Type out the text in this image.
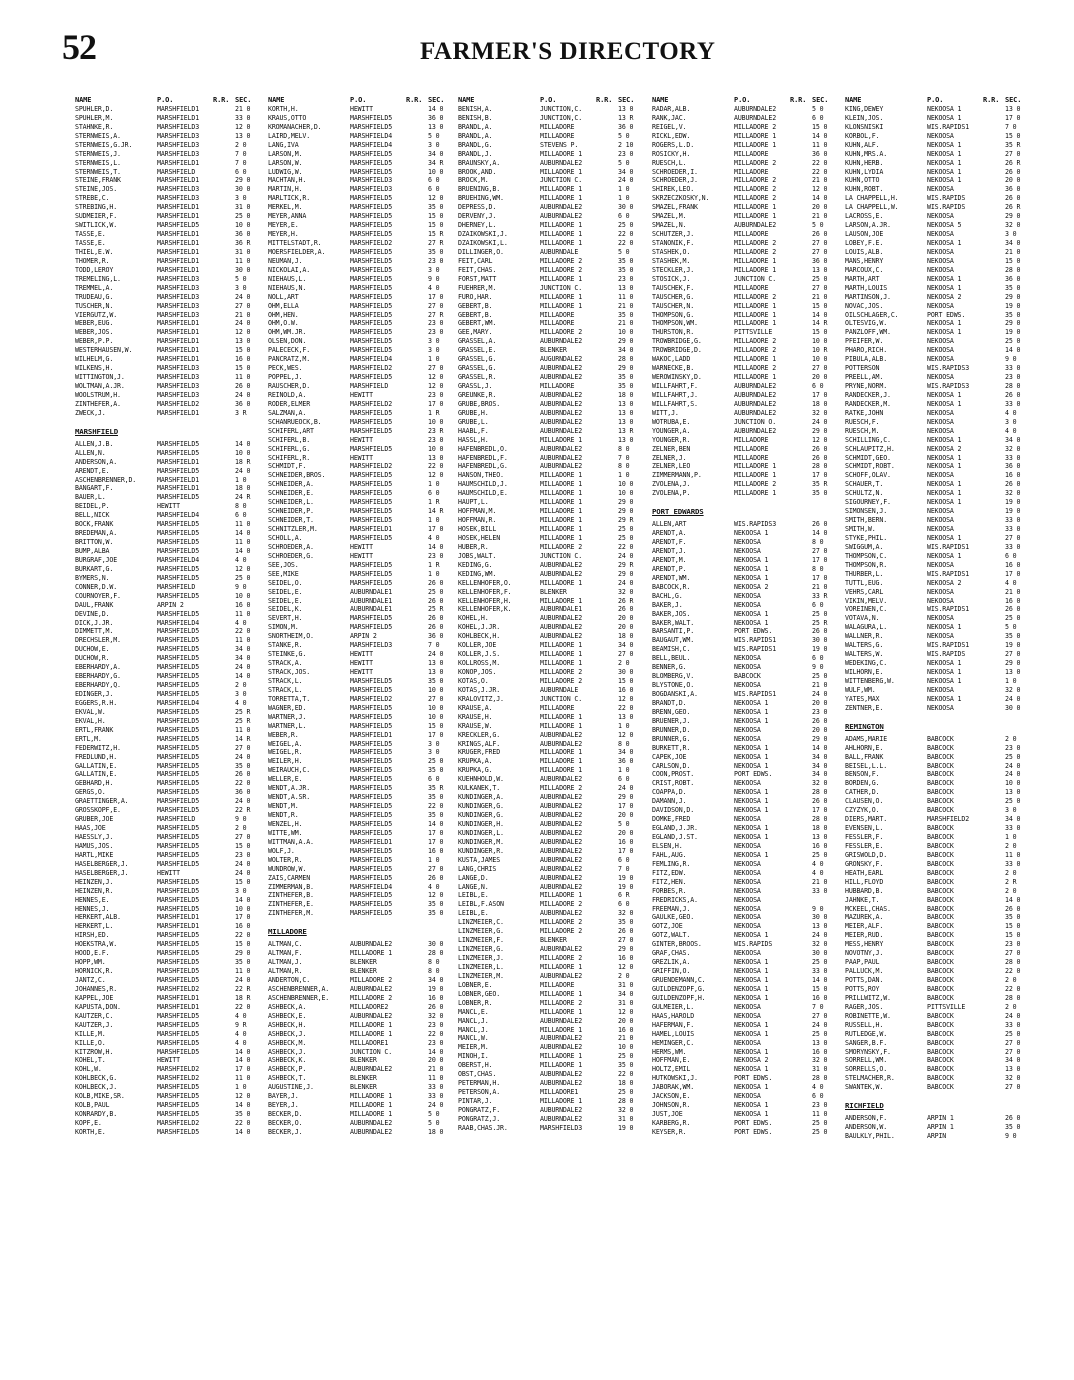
52	FARMER'S DIRECTORY
NAME	P.O.	R.R. SEC.
SPUHLER,D.	MARSHFIELD1	21 0
SPUHLER,M.	MARSHFIELD1	33 0
STAHNKE,R.	MARSHFIELD3	12 0
STERNWEIS,A.	MARSHFIELD3	13 0
STERNWEIS,G.JR.	MARSHFIELD3	2 0
STERNWEIS,J.	MARSHFIELD3	7 0
STERNWEIS,L.	MARSHFIELD1	7 0
STERNWEIS,T.	MARSHFIELD	6 0
STEINE,FRANK	MARSHFIELD1	29 0
STEINE,JOS.	MARSHFIELD3	30 0
STREBE,C.	MARSHFIELD3	3 0
STREBING,H.	MARSHFIELD1	31 0
SUDMEIER,F.	MARSHFIELD1	25 0
SWITLICK,W.	MARSHFIELD5	10 0
TASSE,E.	MARSHFIELD1	36 0
TASSE,E.	MARSHFIELD1	36 R
THIEL,E.W.	MARSHFIELD1	31 0
THOMER,R.	MARSHFIELD1	11 0
TODD,LEROY	MARSHFIELD1	30 0
TREMELING,L.	MARSHFIELD3	5 0
TREMMEL,A.	MARSHFIELD3	3 0
TRUDEAU,G.	MARSHFIELD3	24 0
TUSCHER,N.	MARSHFIELD3	27 0
VIERGUTZ,W.	MARSHFIELD3	21 0
WEBER,EUG.	MARSHFIELD1	24 0
WEBER,JOS.	MARSHFIELD1	12 0
WEBER,P.P.	MARSHFIELD1	13 0
WESTERHAUSEN,W.	MARSHFIELD1	15 0
WILHELM,G.	MARSHFIELD1	16 0
WILKENS,H.	MARSHFIELD3	15 0
WITTINGTON,J.	MARSHFIELD3	11 0
WOLTMAN,A.JR.	MARSHFIELD3	26 0
WOOLSTRUM,H.	MARSHFIELD3	24 0
ZINTHEFER,A.	MARSHFIELD2	36 0
ZWECK,J.	MARSHFIELD1	3 R
MARSHFIELD
ALLEN,J.B.	MARSHFIELD5	14 0
ALLEN,N.	MARSHFIELD5	10 0
ANDERSON,A.	MARSHFIELD1	18 R
ARENDT,E.	MARSHFIELD5	24 0
ASCHENBRENNER,D.	MARSHFIELD1	1 0
BANGART,F.	MARSHFIELD1	18 0
BAUER,L.	MARSHFIELD5	24 R
BEIDEL,P.	HEWITT	8 0
BELL,NICK	MARSHFIELD4	6 0
BOCK,FRANK	MARSHFIELD5	11 0
BREDEMAN,A.	MARSHFIELD5	14 0
BRITTON,W.	MARSHFIELD5	11 0
BUMP,ALBA	MARSHFIELD5	14 0
BURGRAF,JOE	MARSHFIELD4	4 0
BURKART,G.	MARSHFIELD5	12 0
BYMERS,N.	MARSHFIELD5	25 0
CONNER,D.W.	MARSHFIELD	9 0
COURNOYER,F.	MARSHFIELD5	10 0
DAUL,FRANK	ARPIN 2	16 0
DEVINE,D.	MARSHFIELD5	11 0
DICK,J.JR.	MARSHFIELD4	4 0
DIMMETT,M.	MARSHFIELD5	22 0
DRECHSLER,M.	MARSHFIELD5	11 0
DUCHOW,E.	MARSHFIELD5	34 0
DUCHOW,R.	MARSHFIELD5	34 0
EBERHARDY,A.	MARSHFIELD5	24 0
EBERHARDY,G.	MARSHFIELD5	14 0
EBERHARDY,Q.	MARSHFIELD5	2 0
EDINGER,J.	MARSHFIELD5	3 0
EGGERS,R.H.	MARSHFIELD4	4 0
EKVAL,W.	MARSHFIELD5	25 R
EKVAL,H.	MARSHFIELD5	25 R
ERTL,FRANK	MARSHFIELD5	11 0
ERTL,M.	MARSHFIELD5	14 R
FEDERWITZ,H.	MARSHFIELD5	27 0
FREDLUND,H.	MARSHFIELD5	24 0
GALLATIN,E.	MARSHFIELD5	35 0
GALLATIN,E.	MARSHFIELD5	26 0
GEBHARD,H.	MARSHFIELD5	22 0
GERGS,O.	MARSHFIELD5	36 0
GRAETTINGER,A.	MARSHFIELD5	24 0
GROSSKOPF,E.	MARSHFIELD5	22 R
GRUBER,JOE	MARSHFIELD	9 0
HAAS,JOE	MARSHFIELD5	2 0
HAESSLY,J.	MARSHFIELD5	27 0
HAMUS,JOS.	MARSHFIELD5	15 0
HARTL,MIKE	MARSHFIELD5	23 0
HASELBERGER,J.	MARSHFIELD5	24 0
HASELBERGER,J.	HEWITT	24 0
HEINZEN,J.	MARSHFIELD5	15 0
HEINZEN,R.	MARSHFIELD5	3 0
HENNES,E.	MARSHFIELD5	14 0
HENNES,J.	MARSHFIELD5	10 0
HERKERT,ALB.	MARSHFIELD1	17 0
HERKERT,L.	MARSHFIELD1	16 0
HIRSH,ED.	MARSHFIELD5	22 0
HOEKSTRA,W.	MARSHFIELD5	15 0
HOOD,E.F.	MARSHFIELD5	29 0
HOPP,WM.	MARSHFIELD5	35 0
HORNICK,R.	MARSHFIELD5	11 0
JANTZ,C.	MARSHFIELD5	24 0
JOHANNES,R.	MARSHFIELD2	22 R
KAPPEL,JOE	MARSHFIELD1	18 R
KAPUSTA,DON.	MARSHFIELD1	22 0
KAUTZER,C.	MARSHFIELD5	4 0
KAUTZER,J.	MARSHFIELD5	9 R
KILLE,M.	MARSHFIELD5	4 0
KILLE,O.	MARSHFIELD5	4 0
KITZROW,H.	MARSHFIELD5	14 0
KOHEL,T.	HEWITT	14 0
KOHL,W.	MARSHFIELD2	17 0
KOHLBECK,G.	MARSHFIELD2	11 0
KOHLBECK,J.	MARSHFIELD5	1 0
KOLB,MIKE,SR.	MARSHFIELD5	12 0
KOLB,PAUL	MARSHFIELD5	14 0
KONRARDY,B.	MARSHFIELD5	35 0
KOPF,E.	MARSHFIELD2	22 0
KORTH,E.	MARSHFIELD5	14 0
NAME	P.O.	R.R. SEC.
KORTH,H.	HEWITT	14 0
KRAUS,OTTO	MARSHFIELD5	36 0
KROMANACHER,D.	MARSHFIELD5	13 0
LAIRD,MELV.	MARSHFIELD4	5 0
LANG,IVA	MARSHFIELD4	3 0
LARSON,M.	MARSHFIELD5	34 0
LARSON,W.	MARSHFIELD5	34 R
LUDWIG,W.	MARSHFIELD5	10 0
MACHTAN,H.	MARSHFIELD3	6 0
MARTIN,H.	MARSHFIELD3	6 0
MARLTICK,R.	MARSHFIELD5	12 0
MERKEL,M.	MARSHFIELD5	35 0
MEYER,ANNA	MARSHFIELD5	15 0
MEYER,E.	MARSHFIELD5	15 0
MEYER,H.	MARSHFIELD5	15 R
MITTELSTADT,R.	MARSHFIELD2	27 R
MOERSFIELDER,A.	MARSHFIELD5	35 0
NEUMAN,J.	MARSHFIELD5	23 0
NICKOLAI,A.	MARSHFIELD5	3 0
NIEHAUS,L.	MARSHFIELD5	9 0
NIEHAUS,N.	MARSHFIELD5	4 0
NOLL,ART	MARSHFIELD5	17 0
OHM,ELLA	MARSHFIELD5	27 0
OHM,HEN.	MARSHFIELD5	27 R
OHM,O.W.	MARSHFIELD5	23 0
OHM,WM.JR.	MARSHFIELD5	23 0
OLSEN,DON.	MARSHFIELD5	3 0
PALECECK,F.	MARSHFIELD5	3 0
PANCRATZ,M.	MARSHFIELD4	1 0
PECK,WES.	MARSHFIELD2	27 0
POPPEL,J.	MARSHFIELD5	12 0
RAUSCHER,D.	MARSHFIELD	12 0
REINOLD,A.	HEWITT	23 0
RODER,ELMER	MARSHFIELD2	17 0
SALZMAN,A.	MARSHFIELD5	1 R
SCHANRUEOCK,B.	MARSHFIELD5	10 0
SCHIFERL,ART	MARSHFIELD5	23 R
SCHIFERL,B.	HEWITT	23 0
SCHIFERL,G.	MARSHFIELD5	10 0
SCHIFERL,R.	HEWITT	13 0
SCHMIDT,F.	MARSHFIELD2	22 0
SCHNEIDER,BROS.	MARSHFIELD5	12 0
SCHNEIDER,A.	MARSHFIELD5	1 0
SCHNEIDER,E.	MARSHFIELD5	6 0
SCHNEIDER,L.	MARSHFIELD5	1 R
SCHNEIDER,P.	MARSHFIELD5	14 R
SCHNEIDER,T.	MARSHFIELD5	1 0
SCHNITZLER,M.	MARSHFIELD1	17 0
SCHOLL,A.	MARSHFIELD5	4 0
SCHROEDER,A.	HEWITT	14 0
SCHROEDER,G.	HEWITT	23 0
SEE,JOS.	MARSHFIELD5	1 R
SEE,MIKE	MARSHFIELD5	1 0
SEIDEL,O.	MARSHFIELD5	26 0
SEIDEL,E.	AUBURNDALE1	25 0
SEIDEL,E.	AUBURNDALE1	26 0
SEIDEL,K.	AUBURNDALE1	25 R
SEVERT,H.	MARSHFIELD5	26 0
SIMON,M.	MARSHFIELD5	26 0
SNORTHEIM,O.	ARPIN 2	36 0
STANKE,R.	MARSHFIELD3	7 0
STEINKE,G.	HEWITT	24 0
STRACK,A.	HEWITT	13 0
STRACK,JOS.	HEWITT	13 0
STRACK,L.	MARSHFIELD5	35 0
STRACK,L.	MARSHFIELD5	10 0
TORRETTA,T.	MARSHFIELD2	27 0
WAGNER,ED.	MARSHFIELD5	10 0
WARTNER,J.	MARSHFIELD5	10 0
WARTNER,L.	MARSHFIELD5	15 0
WEBER,R.	MARSHFIELD1	17 0
WEIGEL,A.	MARSHFIELD5	3 0
WEIGEL,R.	MARSHFIELD5	3 0
WEILER,H.	MARSHFIELD5	25 0
WEIRAUCH,C.	MARSHFIELD5	35 0
WELLER,E.	MARSHFIELD5	6 0
WENDT,A.JR.	MARSHFIELD5	35 R
WENDT,A.SR.	MARSHFIELD5	35 0
WENDT,M.	MARSHFIELD5	22 0
WENDT,R.	MARSHFIELD5	35 0
WENZEL,H.	MARSHFIELD5	14 0
WITTE,WM.	MARSHFIELD5	17 0
WITTMAN,A.A.	MARSHFIELD1	17 0
WOLF,J.	MARSHFIELD5	16 0
WOLTER,R.	MARSHFIELD5	1 0
WUNDROW,W.	MARSHFIELD5	27 0
ZAIS,CARMEN	MARSHFIELD5	26 0
ZIMMERMAN,B.	MARSHFIELD4	4 0
ZINTHEFER,B.	MARSHFIELD5	12 0
ZINTHEFER,E.	MARSHFIELD5	35 0
ZINTHEFER,M.	MARSHFIELD5	35 0
MILLADORE
ALTMAN,C.	AUBURNDALE2	30 0
ALTMAN,F.	MILLADORE 1	28 0
ALTMAN,J.	BLENKER	8 0
ALTMAN,R.	BLENKER	8 0
ANDERTON,C.	MILLADORE 2	34 0
ASCHENBRENNER,A.	AUBURNDALE2	19 0
ASCHENBRENNER,E.	MILLADORE 2	16 0
ASHBECK,A.	MILLADORE2	26 0
ASHBECK,E.	AUBURNDALE2	32 0
ASHBECK,H.	MILLADORE 1	23 0
ASHBECK,J.	MILLADORE 1	22 0
ASHBECK,M.	MILLADORE1	23 0
ASHBECK,J.	JUNCTION C.	14 0
ASHBECK,K.	BLENKER	20 0
ASHBECK,P.	AUBURNDALE2	21 0
ASHBECK,T.	BLENKER	11 0
AUGUSTINE,J.	BLENKER	33 0
BAYER,J.	MILLADORE 1	33 0
BEYER,J.	MILLADORE 1	24 0
BECKER,D.	MILLADORE 1	5 0
BECKER,O.	AUBURNDALE2	5 0
BECKER,J.	AUBURNDALE2	18 0
NAME	P.O.	R.R. SEC.
BENISH,A.	JUNCTION,C.	13 0
BENISH,B.	JUNCTION,C.	13 R
BRANDL,A.	MILLADORE	36 0
BRANDL,A.	MILLADORE	5 0
BRANDL,G.	STEVENS P.	2 10
BRANDL,J.	MILLADORE 1	23 0
BRAUNSKY,A.	AUBURNDALE2	5 0
BROOK,AND.	MILLADORE 1	34 0
BROCK,M.	JUNCTION C.	24 0
BRUENING,B.	MILLADORE 1	1 0
BRUEHING,WM.	MILLADORE 1	1 0
DEPRESS,D.	AUBURNDALE2	30 0
DERVENY,J.	AUBURNDALE2	6 0
DHERNEY,L.	MILLADORE 1	25 0
DZAIKOWSKI,J.	MILLADORE 1	22 0
DZAIKOWSKI,L.	MILLADORE 1	22 0
DILLINGER,O.	AUBURNDALE	5 0
FEIT,CARL	MILLADORE 2	35 0
FEIT,CHAS.	MILLADORE 2	35 0
FORST,MATT	MILLADORE 1	23 0
FUEHRER,M.	JUNCTION C.	13 0
FURO,HAR.	MILLADORE 1	11 0
GEBERT,B.	MILLADORE 1	21 0
GEBERT,B.	MILLADORE	35 0
GEBERT,WM.	MILLADORE	21 0
GEE,MARY.	MILLADORE 2	10 0
GRASSEL,A.	AUBURNDALE2	29 0
GRASSEL,E.	BLENKER	34 0
GRASSEL,G.	AUGURNDALE2	28 0
GRASSEL,G.	AUBURNDALE2	29 0
GRASSEL,R.	AUBURNDALE2	35 0
GRASSL,J.	MILLADORE	35 0
GREUNKE,R.	AUBURNDALE2	18 0
GRUBE,BROS.	AUBURNDALE2	13 0
GRUBE,H.	AUBURNDALE2	13 0
GRUBE,L.	AUBURNDALE2	13 0
HAABL,F.	AUBURNDALE2	13 R
HASSL,H.	MILLADORE 1	13 0
HAFENBREDL,O.	AUBURNDALE2	8 0
HAFENBREDL,F.	AUBURNDALE2	7 0
HAFENBREDL,G.	AUBURNDALE2	8 0
HANSON,THEO.	MILLADORE 1	1 0
HAUMSCHILD,J.	MILLADORE 1	10 0
HAUMSCHILD,E.	MILLADORE 1	10 0
HAUPT,L.	MILLADORE 1	29 0
HOFFMAN,M.	MILLADORE 1	29 0
HOFFMAN,R.	MILLADORE 1	29 R
HOSEK,BILL	MILLADORE 1	25 0
HOSEK,HELEN	MILLADORE 1	25 0
HUBER,R.	MILLADORE 2	22 0
JOBS,WALT.	JUNCTION C.	24 0
KEDING,G.	AUBURNDALE2	29 R
KEDING,WM.	AUBURNDALE2	29 0
KELLENHOFER,O.	MILLADORE 1	24 0
KELLENHOFER,F.	BLENKER	32 0
KELLENHOFER,H.	MILLADORE 1	26 R
KELLENHOFER,K.	AUBURNDALE1	26 0
KOHEL,H.	AUBURNDALE2	20 0
KOHEL,J.JR.	AUBURNDALE2	20 0
KOHLBECK,H.	AUBURNDALE2	18 0
KOLLER,JOE	MILLADORE 1	34 0
KOLLER,J.S.	MILLADORE 1	27 0
KOLLROSS,M.	MILLADORE 1	2 0
KONOP,JOS.	MILLADORE 2	30 0
KOTAS,O.	MILLADORE 2	15 0
KOTAS,J.JR.	AUBURNDALE	16 0
KRALOVITZ,J.	JUNCTION C.	12 0
KRAUSE,A.	MILLADORE	22 0
KRAUSE,H.	MILLADORE 1	13 0
KRAUSE,W.	MILLADORE 1	1 0
KRECKLER,G.	AUBURNDALE2	12 0
KRINGS,ALF.	AUBURNDALE2	8 0
KRUGER,FRED	MILLADORE 1	34 0
KRUPKA,A.	MILLADORE 1	36 0
KRUPKA,G.	MILLADORE 1	1 0
KUEHNHOLD,W.	AUBURNDALE2	6 0
KULKANEK,T.	MILLADORE 2	24 0
KUNDINGER,A.	AUBURNDALE2	29 0
KUNDINGER,G.	AUBURNDALE2	17 0
KUNDINGER,G.	AUBURNDALE2	20 0
KUNDINGER,H.	AUBURNDALE2	5 0
KUNDINGER,L.	AUBURNDALE2	20 0
KUNDINGER,M.	AUBURNDALE2	16 0
KUNDINGER,R.	AUBURNDALE2	17 0
KUSTA,JAMES	AUBURNDALE2	6 0
LANG,CHRIS	AUBURNDALE2	7 0
LANGE,D.	AUBURNDALE2	19 0
LANGE,N.	AUBURNDALE2	19 0
LEIBL,E.	MILLADORE 1	6 R
LEIBL,F.ASON	MILLADORE 2	6 0
LEIBL,E.	AUBURNDALE2	32 0
LINZMEIER,C.	MILLADORE 2	35 0
LINZMEIER,G.	MILLADORE 2	26 0
LINZMEIER,F.	BLENKER	27 0
LINZMEIER,G.	AUBURNDALE2	29 0
LINZMEIER,J.	MILLADORE 2	16 0
LINZMEIER,L.	MILLADORE 1	12 0
LINZMEIER,M.	AUBURNDALE2	2 0
LOBNER,E.	MILLADORE	31 0
LOBNER,GEO.	MILLADORE 1	34 0
LOBNER,R.	MILLADORE 2	31 0
MANCL,E.	MILLADORE 1	12 0
MANCL,J.	AUBURNDALE2	20 0
MANCL,J.	MILLADORE 1	16 0
MANCL,W.	AUBURNDALE2	21 0
MEIER,M.	AUBURNDALE2	10 0
MINOH,I.	MILLADORE 1	25 0
OBERST,H.	MILLADORE 1	35 0
OBST,CHAS.	AUBURNDALE2	22 0
PETERMAN,H.	AUBURNDALE2	18 0
PETERSON,A.	MILLADORE1	25 0
PINTAR,J.	MILLADORE 1	28 0
PONGRATZ,F.	AUBURNDALE2	32 0
PONGRATZ,J.	AUBURNDALE2	31 0
RAAB,CHAS.JR.	MARSHFIELD3	19 0
NAME	P.O.	R.R. SEC.
RADAR,ALB.	AUBURNDALE2	5 0
RANK,JAC.	AUBURNDALE2	6 0
REIGEL,V.	MILLADORE 2	15 0
RICKL,EDW.	MILLADORE 1	14 0
ROGERS,L.D.	MILLADORE 1	11 0
ROSICKY,H.	MILLADORE	36 0
RUESCH,L.	MILLADORE 2	22 0
SCHROEDER,I.	MILLADORE	22 0
SCHROEDER,J.	MILLADORE 2	21 0
SHIREK,LEO.	MILLADORE 2	12 0
SKRZECZKOSKY,N.	MILLADORE 2	14 0
SMAZEL,FRANK	MILLADORE 1	20 0
SMAZEL,M.	MILLADORE 1	21 0
SMAZEL,N.	AUBURNDALE2	5 0
SCHUTZER,J.	MILLADORE	26 0
STANONIK,F.	MILLADORE 2	27 0
STASHEK,O.	MILLADORE 2	27 0
STASHEK,M.	MILLADORE 1	36 0
STECKLER,J.	MILLADORE 1	13 0
STOSICK,J.	JUNCTION C.	25 0
TAUSCHEK,F.	MILLADORE	27 0
TAUSCHER,G.	MILLADORE 2	21 0
TAUSCHER,N.	MILLADORE 1	15 0
THOMPSON,G.	MILLADORE 1	14 0
THOMPSON,WM.	MILLADORE 1	14 R
THURSTON,R.	PITTSVILLE	15 0
TROWBRIDGE,G.	MILLADORE 2	10 0
TROWBRIDGE,D.	MILLADORE 2	10 R
WAKOC,LADD	MILLADORE 1	10 0
WARNECKE,B.	MILLADORE 2	27 0
WEROWINSKY,D.	MILLADORE 1	20 0
WILLFAHRT,F.	AUBURNDALE2	6 0
WILLFAHRT,J.	AUBURNDALE2	17 0
WILLFAHRT,S.	AUBURNDALE2	18 0
WITT,J.	AUBURNDALE2	32 0
WOTRUBA,E.	JUNCTION O.	24 0
YOUNGER,A.	AUBURNDALE2	29 0
YOUNGER,R.	MILLADORE	12 0
ZELNER,BEN	MILLADORE	26 0
ZELNER,J.	MILLADORE	26 0
ZELNER,LEO	MILLADORE 1	28 0
ZIMMERMANN,P.	MILLADORE 1	17 0
ZVOLENA,J.	MILLADORE 2	35 R
ZVOLENA,P.	MILLADORE 1	35 0
PORT EDWARDS
ALLEN,ART	WIS.RAPIDS3	26 0
ARENDT,A.	NEKOOSA 1	14 0
ARENDT,F.	NEKOOSA	8 0
ARENDT,J.	NEKOOSA	27 0
ARENDT,M.	NEKOOSA 1	17 0
ARENDT,P.	NEKOOSA 1	8 0
ARENDT,WM.	NEKOOSA 1	17 0
BABCOCK,R.	NEKOOSA 2	21 0
BACHL,G.	NEKOOSA	33 R
BAKER,J.	NEKOOSA	6 0
BAKER,JOS.	NEKOOSA 1	25 0
BAKER,WALT.	NEKOOSA 1	25 R
BARSANTI,P.	PORT EDWS.	26 0
BAUGAUT,WM.	WIS.RAPIDS1	30 0
BEAMISH,C.	WIS.RAPIDS1	19 0
BELL,BEUL.	NEKOOSA	6 0
BENNER,G.	NEKOOSA	9 0
BLOMBERG,V.	BABCOCK	25 0
BLYSTONE,O.	NEKOOSA	21 0
BOGDANSKI,A.	WIS.RAPIDS1	24 0
BRANDT,D.	NEKOOSA 1	20 0
BRENN,GEO.	NEKOOSA 1	23 0
BRUENER,J.	NEKOOSA 1	26 0
BRUNNER,D.	NEKOOSA	20 0
BRUNNER,G.	NEKOOSA	29 0
BURKETT,R.	NEKOOSA 1	14 0
CAPEK,JOE	NEKOOSA 1	34 0
CARLSON,D.	NEKOOSA 1	34 0
COON,PROST.	PORT EDWS.	34 0
CRIST,ROBT.	NEKOOSA	32 0
COAPPA,D.	NEKOOSA 1	28 0
DAMANN,J.	NEKOOSA 1	26 0
DAVIDSON,D.	NEKOOSA 1	17 0
DOMKE,FRED	NEKOOSA	28 0
EGLAND,J.JR.	NEKOOSA 1	18 0
EGLAND,J.ST.	NEKOOSA 1	13 0
ELSEN,H.	NEKOOSA	16 0
FAHL,AUG.	NEKOOSA 1	25 0
FEMLING,R.	NEKOOSA	4 0
FITZ,EDW.	NEKOOSA	4 0
FITZ,HEN.	NEKOOSA	21 0
FORBES,R.	NEKOOSA	33 0
FREDRICKS,A.	NEKOOSA
FREEMAN,J.	NEKOOSA	9 0
GAULKE,GEO.	NEKOOSA	30 0
GOTZ,JOE	NEKOOSA	13 0
GOTZ,WALT.	NEKOOSA 1	24 0
GINTER,BROOS.	WIS.RAPIDS	32 0
GRAF,CHAS.	NEKOOSA	30 0
GREZLIK,A.	NEKOOSA 1	25 0
GRIFFIN,O.	NEKOOSA 1	33 0
GRUENDEMANN,C.	NEKOOSA 1	14 0
GUILDENZOPF,G.	NEKOOSA 1	15 0
GUILDENZOPF,H.	NEKOOSA 1	16 0
GULMEIER,L.	NEKOOSA	7 0
HAAS,HAROLD	NEKOOSA	27 0
HAFERMAN,F.	NEKOOSA 1	24 0
HAMEL,LOUIS	NEKOOSA 1	25 0
HEMINGER,C.	NEKOOSA	13 0
HERMS,WM.	NEKOOSA 1	16 0
HOFFMAN,E.	NEKOOSA 2	32 0
HOLTZ,EMIL	NEKOOSA 1	31 0
HUTKOWSKI,J.	PORT EDWS.	28 0
JABORAK,WM.	NEKOOSA 1	4 0
JACKSON,E.	NEKOOSA	6 0
JOHNSON,R.	NEKOOSA 1	23 0
JUST,JOE	NEKOOSA 1	11 0
KARBERG,R.	PORT EDWS.	25 0
KEYSER,R.	PORT EDWS.	25 0
NAME	P.O.	R.R. SEC.
KING,DEWEY	NEKOOSA 1	13 0
KLEIN,JOS.	NEKOOSA 1	17 0
KLONSNISKI	WIS.RAPIDS1	7 0
KORBOL,F.	NEKOOSA	15 0
KUHN,ALF.	NEKOOSA 1	35 R
KUHN,MRS.A.	NEKOOSA 1	27 0
KUHN,HERB.	NEKOOSA 1	26 R
KUHN,LYDIA	NEKOOSA 1	26 0
KUHN,OTTO	NEKOOSA 1	20 0
KUHN,ROBT.	NEKOOSA	36 0
LA CHAPPELL,H.	WIS.RAPIDS	26 0
LA CHAPPELL,W.	WIS.RAPIDS	26 R
LACROSS,E.	NEKOOSA	29 0
LARSON,A.JR.	NEKOOSA 5	32 0
LAUSON,JOE	NEKOOSA	3 0
LOBEY,F.E.	NEKOOSA 1	34 0
LOUIS,ALB.	NEKOOSA	21 0
MANS,HENRY	NEKOOSA	15 0
MARCOUX,C.	NEKOOSA	28 0
MARTH,ART	NEKOOSA 1	36 0
MARTH,LOUIS	NEKOOSA 1	35 0
MARTINSON,J.	NEKOOSA 2	29 0
NOVAC,JOS.	NEKOOSA	19 0
OILSCHLAGER,C.	PORT EDWS.	35 0
OLTESVIG,W.	NEKOOSA 1	29 0
PANZLOFF,WM.	NEKOOSA 1	19 0
PFEIFER,W.	NEKOOSA	25 0
PHARO,RICH.	NEKOOSA	14 0
PIBULA,ALB.	NEKOOSA	9 0
POTTERSON	WIS.RAPIDS3	33 0
PREELL,AM.	NEKOOSA	23 0
PRYNE,NORM.	WIS.RAPIDS3	28 0
RANDECKER,J.	NEKOOSA 1	26 0
RANDECKER,M.	NEKOOSA 1	33 0
RATKE,JOHN	NEKOOSA	4 0
RUESCH,F.	NEKOOSA	3 0
RUESCH,M.	NEKOOSA	4 0
SCHILLING,C.	NEKOOSA 1	34 0
SCHLAUPITZ,H.	NEKOOSA 2	32 0
SCHMIDT,GEO.	NEKOOSA 1	33 0
SCHMIDT,ROBT.	NEKOOSA 1	36 0
SCHOFF,OLAV.	NEKOOSA	16 0
SCHAUER,T.	NEKOOSA 1	26 0
SCHULTZ,N.	NEKOOSA 1	32 0
SIGOURNEY,F.	NEKOOSA 1	19 0
SIMONSEN,J.	NEKOOSA	19 0
SMITH,BERN.	NEKOOSA	33 0
SMITH,W.	NEKOOSA	33 0
STYKE,PHIL.	NEKOOSA 1	27 0
SWIGGUM,A.	WIS.RAPIDS1	33 0
THOMPSON,C.	NEKOOSA 1	6 0
THOMPSON,R.	NEKOOSA	16 0
THURBER,L.	WIS.RAPIDS1	17 0
TUTTL,EUG.	NEKOOSA 2	4 0
VEHRS,CARL	NEKOOSA	21 0
VIKIN,MELV.	NEKOOSA	16 0
VOREINEN,C.	WIS.RAPIDS1	26 0
VOTAVA,N.	NEKOOSA	25 0
WALAGURA,L.	NEKOOSA 1	5 0
WALLNER,R.	NEKOOSA	35 0
WALTERS,G.	WIS.RAPIDS1	19 0
WALTERS,W.	WIS.RAPIDS	27 0
WEDEKING,C.	NEKOOSA 1	29 0
WILHORN,E.	NEKOOSA 1	13 0
WITTENBERG,W.	NEKOOSA 1	1 0
WULF,WM.	NEKOOSA	32 0
YATES,MAX	NEKOOSA 1	24 0
ZENTNER,E.	NEKOOSA	30 0
REMINGTON
ADAMS,MARIE	BABCOCK	2 0
AHLHORN,E.	BABCOCK	23 0
BALL,FRANK	BABCOCK	25 0
BEISEL,L.L.	BABCOCK	24 0
BENSON,F.	BABCOCK	24 0
BORDEN,G.	BABCOCK	10 0
CATHER,D.	BABCOCK	13 0
CLAUSEN,O.	BABCOCK	25 0
CZYZYK,O.	BABCOCK	3 0
DIERS,MART.	MARSHFIELD2	34 0
EVENSEN,L.	BABCOCK	33 0
FESSLER,F.	BABCOCK	1 0
FESSLER,E.	BABCOCK	2 0
GRISWOLD,D.	BABCOCK	11 0
GRONSKY,F.	BABCOCK	33 0
HEATH,EARL	BABCOCK	2 0
HILL,FLOYD	BABCOCK	2 R
HUBBARD,B.	BABCOCK	2 0
JAHNKE,T.	BABCOCK	14 0
MCKEEL,CHAS.	BABCOCK	26 0
MAZUREK,A.	BABCOCK	35 0
MEIER,ALF.	BABCOCK	15 0
MEIER,RUD.	BABCOCK	15 0
MESS,HENRY	BABCOCK	23 0
NOVOTNY,J.	BABCOCK	27 0
PAAP,PAUL	BABCOCK	28 0
PALLUCK,M.	BABCOCK	22 0
POTTS,DAN.	BABCOCK	2 0
POTTS,ROY	BABCOCK	22 0
PRILLWITZ,W.	BABCOCK	28 0
RAGER,JOS.	PITTSVILLE	2 0
ROBINETTE,W.	BABCOCK	24 0
RUSSELL,H.	BABCOCK	33 0
RUTLEDGE,W.	BABCOCK	25 0
SANGER,B.F.	BABCOCK	27 0
SMORYNSKY,F.	BABCOCK	27 0
SORRELL,WM.	BABCOCK	34 0
SORRELLS,O.	BABCOCK	13 0
STELMACHER,R.	BABCOCK	32 0
SWANTEK,W.	BABCOCK	27 0
RICHFIELD
ANDERSON,F.	ARPIN 1	26 0
ANDERSON,W.	ARPIN 1	35 0
BAULKLY,PHIL.	ARPIN	9 0
